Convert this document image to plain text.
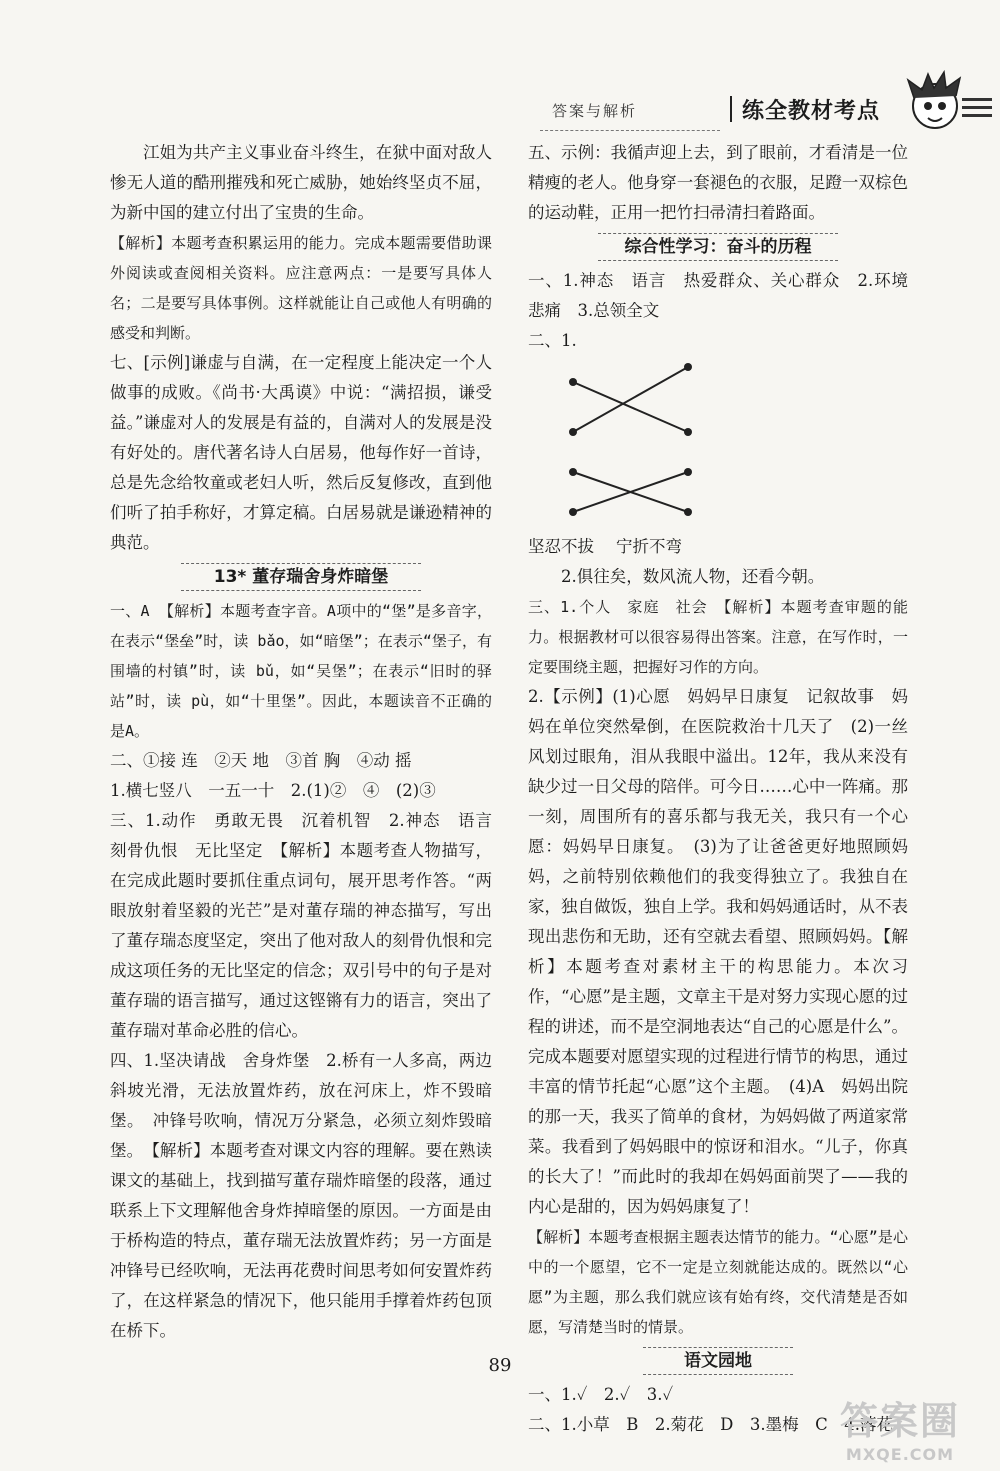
答案与解析	练全教材考点

江姐为共产主义事业奋斗终生，在狱中面对敌人惨无人道的酷刑摧残和死亡威胁，她始终坚贞不屈，为新中国的建立付出了宝贵的生命。

【解析】本题考查积累运用的能力。完成本题需要借助课外阅读或查阅相关资料。应注意两点：一是要写具体人名；二是要写具体事例。这样就能让自己或他人有明确的感受和判断。

七、[示例]谦虚与自满，在一定程度上能决定一个人做事的成败。《尚书·大禹谟》中说：“满招损，谦受益。”谦虚对人的发展是有益的，自满对人的发展是没有好处的。唐代著名诗人白居易，他每作好一首诗，总是先念给牧童或老妇人听，然后反复修改，直到他们听了拍手称好，才算定稿。白居易就是谦逊精神的典范。

13* 董存瑞舍身炸暗堡

一、A 【解析】本题考查字音。A项中的“堡”是多音字，在表示“堡垒”时，读 bǎo，如“暗堡”；在表示“堡子，有围墙的村镇”时，读 bǔ，如“吴堡”；在表示“旧时的驿站”时，读 pù，如“十里堡”。因此，本题读音不正确的是A。

二、①接 连　②天 地　③首 胸　④动 摇

1.横七竖八　一五一十　2.(1)②　④　(2)③

三、1.动作　勇敢无畏　沉着机智　2.神态　语言　刻骨仇恨　无比坚定　【解析】本题考查人物描写，在完成此题时要抓住重点词句，展开思考作答。“两眼放射着坚毅的光芒”是对董存瑞的神态描写，写出了董存瑞态度坚定，突出了他对敌人的刻骨仇恨和完成这项任务的无比坚定的信念；双引号中的句子是对董存瑞的语言描写，通过这铿锵有力的语言，突出了董存瑞对革命必胜的信心。

四、1.坚决请战　舍身炸堡　2.桥有一人多高，两边斜坡光滑，无法放置炸药，放在河床上，炸不毁暗堡。　冲锋号吹响，情况万分紧急，必须立刻炸毁暗堡。　【解析】本题考查对课文内容的理解。要在熟读课文的基础上，找到描写董存瑞炸暗堡的段落，通过联系上下文理解他舍身炸掉暗堡的原因。一方面是由于桥构造的特点，董存瑞无法放置炸药；另一方面是冲锋号已经吹响，无法再花费时间思考如何安置炸药了，在这样紧急的情况下，他只能用手撑着炸药包顶在桥下。

五、示例：我循声迎上去，到了眼前，才看清是一位精瘦的老人。他身穿一套褪色的衣服，足蹬一双棕色的运动鞋，正用一把竹扫帚清扫着路面。

综合性学习：奋斗的历程

一、1.神态　语言　热爱群众、关心群众　2.环境　悲痛　3.总领全文

二、1.

坚忍不拔 宁折不弯

2.俱往矣，数风流人物，还看今朝。

三、1.个人　家庭　社会　【解析】本题考查审题的能力。根据教材可以很容易得出答案。注意，在写作时，一定要围绕主题，把握好习作的方向。

2.【示例】(1)心愿　妈妈早日康复　记叙故事　妈妈在单位突然晕倒，在医院救治十几天了　(2)一丝风划过眼角，泪从我眼中溢出。12年，我从来没有缺少过一日父母的陪伴。可今日……心中一阵痛。那一刻，周围所有的喜乐都与我无关，我只有一个心愿：妈妈早日康复。　(3)为了让爸爸更好地照顾妈妈，之前特别依赖他们的我变得独立了。我独自在家，独自做饭，独自上学。我和妈妈通话时，从不表现出悲伤和无助，还有空就去看望、照顾妈妈。【解析】本题考查对素材主干的构思能力。本次习作，“心愿”是主题，文章主干是对努力实现心愿的过程的讲述，而不是空洞地表达“自己的心愿是什么”。完成本题要对愿望实现的过程进行情节的构思，通过丰富的情节托起“心愿”这个主题。　(4)A　妈妈出院的那一天，我买了简单的食材，为妈妈做了两道家常菜。我看到了妈妈眼中的惊讶和泪水。“儿子，你真的长大了！”而此时的我却在妈妈面前哭了——我的内心是甜的，因为妈妈康复了！

【解析】本题考查根据主题表达情节的能力。“心愿”是心中的一个愿望，它不一定是立刻就能达成的。既然以“心愿”为主题，那么我们就应该有始有终，交代清楚是否如愿，写清楚当时的情景。

语文园地

一、1.✓　2.✓　3.✓

二、1.小草　B　2.菊花　D　3.墨梅　C　4.落花

89
答案圈
MXQE.COM
